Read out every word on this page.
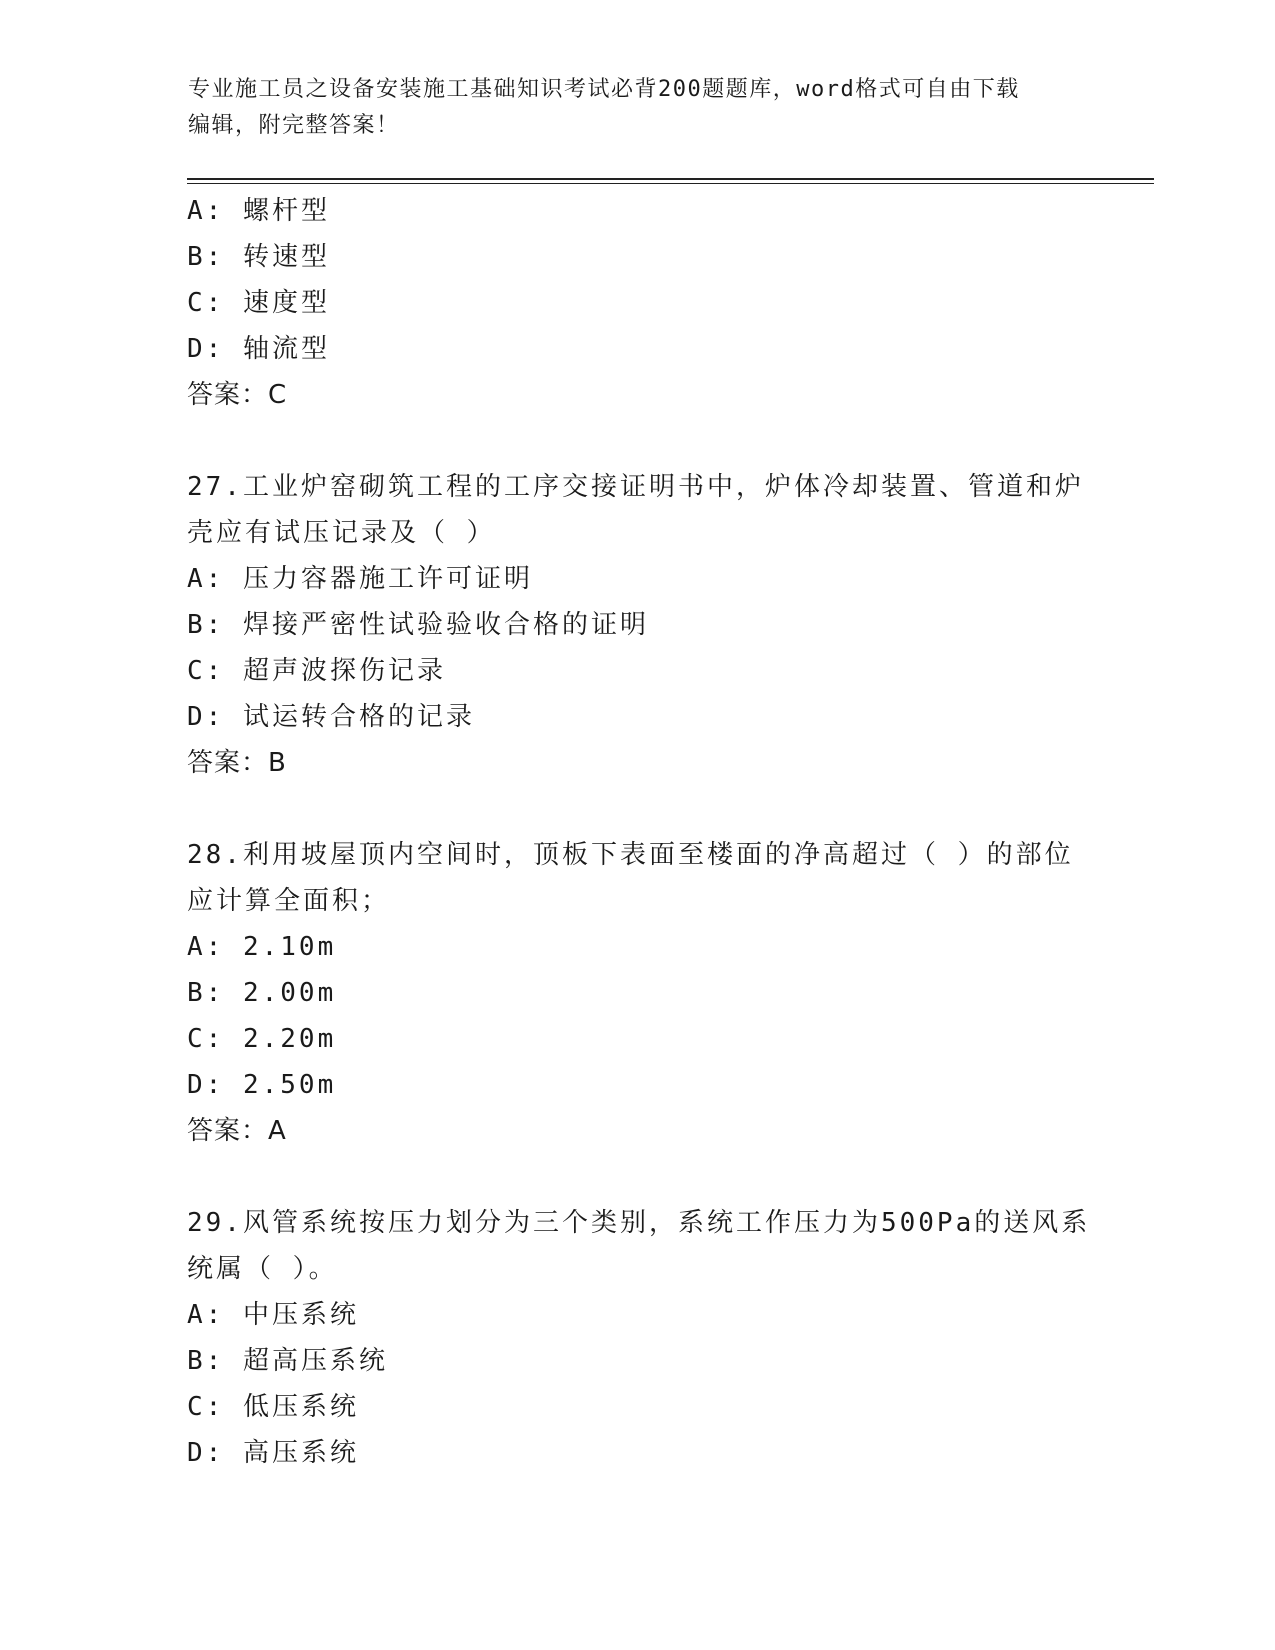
专业施工员之设备安装施工基础知识考试必背200题题库，word格式可自由下载
编辑，附完整答案！
A: 螺杆型
B: 转速型
C: 速度型
D: 轴流型
答案：C
27.工业炉窑砌筑工程的工序交接证明书中，炉体冷却装置、管道和炉
壳应有试压记录及（ ）
A: 压力容器施工许可证明
B: 焊接严密性试验验收合格的证明
C: 超声波探伤记录
D: 试运转合格的记录
答案：B
28.利用坡屋顶内空间时，顶板下表面至楼面的净高超过（ ）的部位
应计算全面积；
A: 2.10m
B: 2.00m
C: 2.20m
D: 2.50m
答案：A
29.风管系统按压力划分为三个类别，系统工作压力为500Pa的送风系
统属（ ）。
A: 中压系统
B: 超高压系统
C: 低压系统
D: 高压系统
